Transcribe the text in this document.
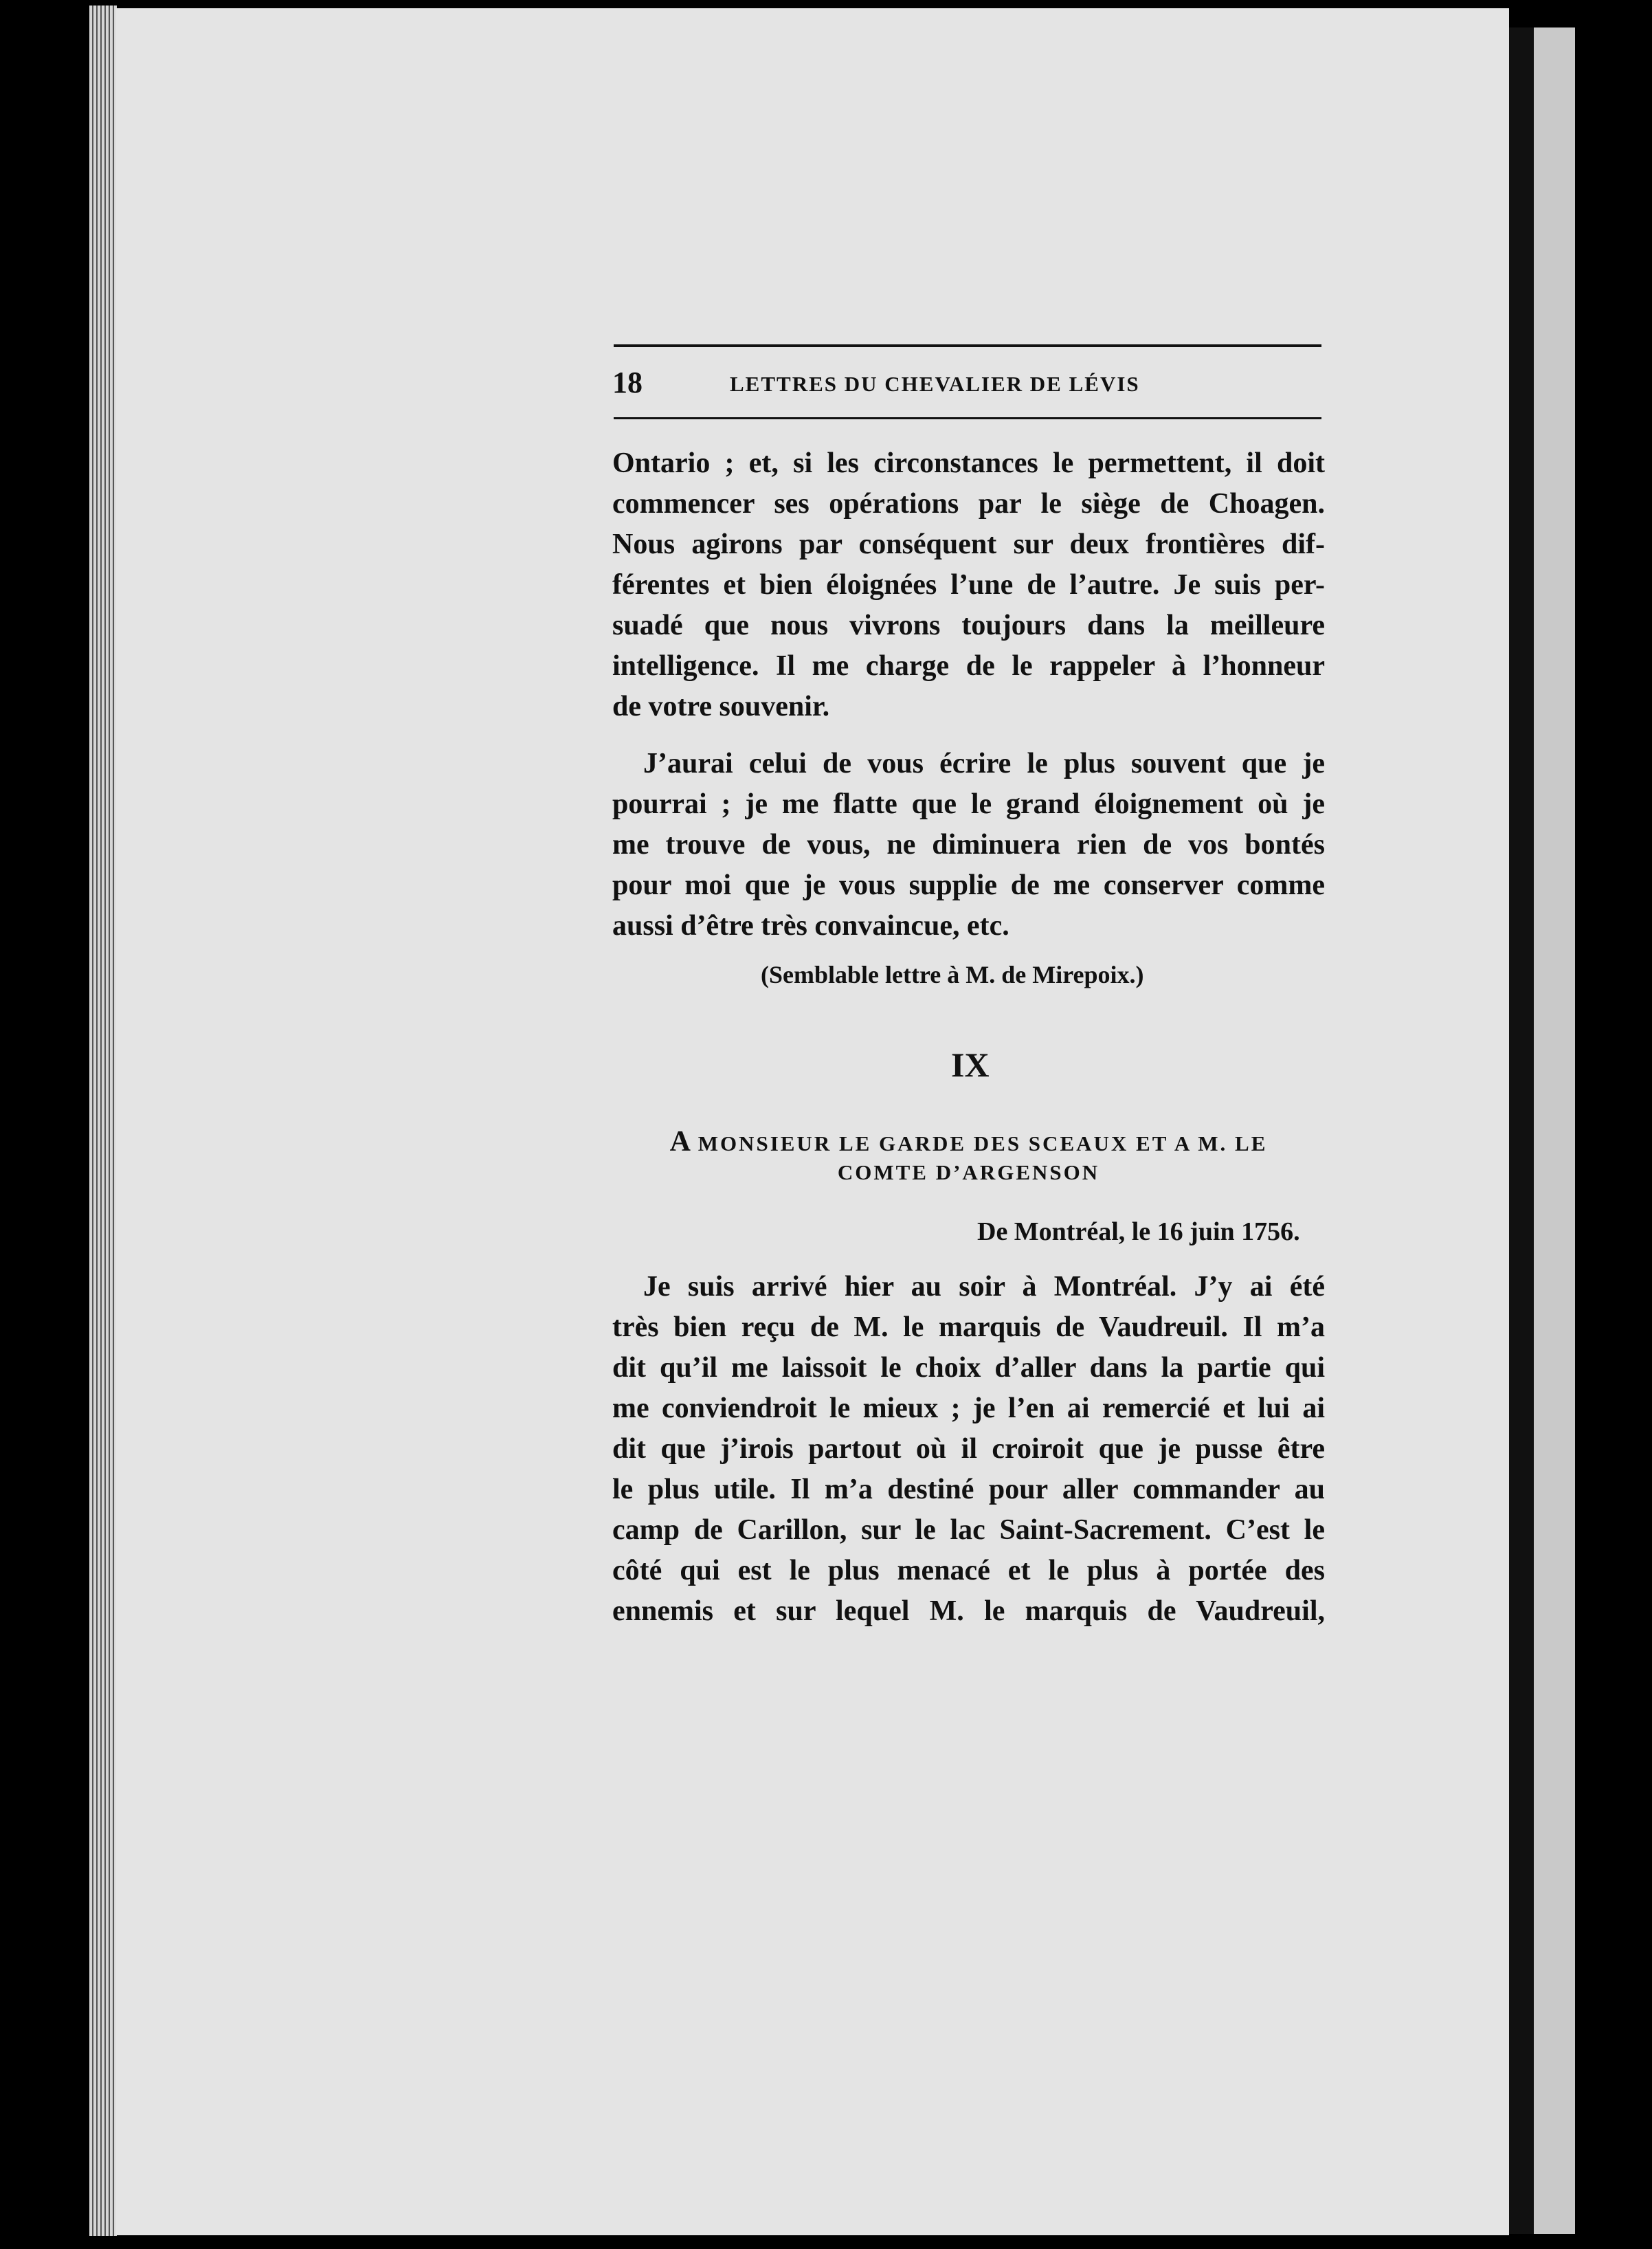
18	LETTRES DU CHEVALIER DE LÉVIS
Ontario ; et, si les circonstances le permettent, il doit
commencer ses opérations par le siège de Choagen.
Nous agirons par conséquent sur deux frontières dif-
férentes et bien éloignées l’une de l’autre. Je suis per-
suadé que nous vivrons toujours dans la meilleure
intelligence. Il me charge de le rappeler à l’honneur
de votre souvenir.
J’aurai celui de vous écrire le plus souvent que je
pourrai ; je me flatte que le grand éloignement où je
me trouve de vous, ne diminuera rien de vos bontés
pour moi que je vous supplie de me conserver comme
aussi d’être très convaincue, etc.
(Semblable lettre à M. de Mirepoix.)
IX
A MONSIEUR LE GARDE DES SCEAUX ET A M. LE
COMTE D’ARGENSON
De Montréal, le 16 juin 1756.
Je suis arrivé hier au soir à Montréal. J’y ai été
très bien reçu de M. le marquis de Vaudreuil. Il m’a
dit qu’il me laissoit le choix d’aller dans la partie qui
me conviendroit le mieux ; je l’en ai remercié et lui ai
dit que j’irois partout où il croiroit que je pusse être
le plus utile. Il m’a destiné pour aller commander au
camp de Carillon, sur le lac Saint-Sacrement. C’est le
côté qui est le plus menacé et le plus à portée des
ennemis et sur lequel M. le marquis de Vaudreuil,
